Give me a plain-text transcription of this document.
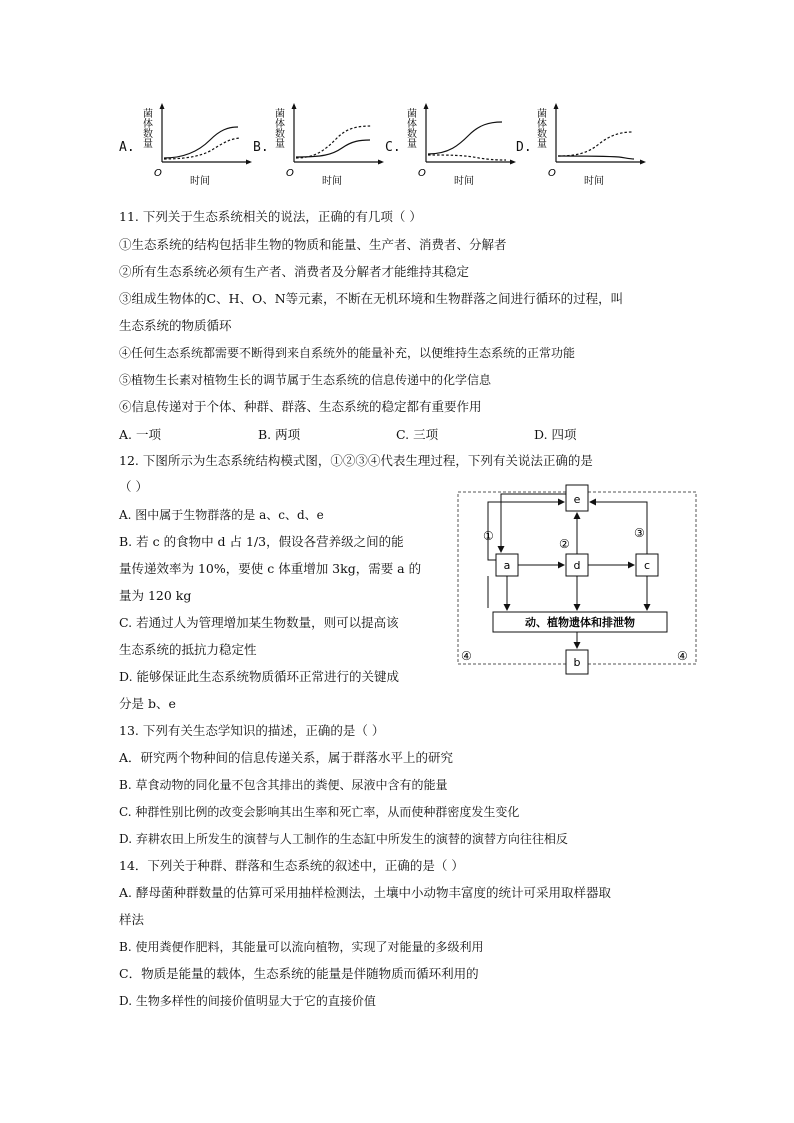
A. 菌体数量
O
时间
B. 菌体数量
O
时间
C. 菌体数量
O
时间
D. 菌体数量
O
时间
11. 下列关于生态系统相关的说法，正确的有几项（ ）
①生态系统的结构包括非生物的物质和能量、生产者、消费者、分解者
②所有生态系统必须有生产者、消费者及分解者才能维持其稳定
③组成生物体的C、H、O、N等元素，不断在无机环境和生物群落之间进行循环的过程，叫
生态系统的物质循环
④任何生态系统都需要不断得到来自系统外的能量补充，以便维持生态系统的正常功能
⑤植物生长素对植物生长的调节属于生态系统的信息传递中的化学信息
⑥信息传递对于个体、种群、群落、生态系统的稳定都有重要作用
A. 一项	B. 两项	C. 三项	D. 四项
12. 下图所示为生态系统结构模式图，①②③④代表生理过程，下列有关说法正确的是
（ ）
A. 图中属于生物群落的是 a、c、d、e
B. 若 c 的食物中 d 占 1/3，假设各营养级之间的能
量传递效率为 10%，要使 c 体重增加 3kg，需要 a 的
量为 120 kg
C. 若通过人为管理增加某生物数量，则可以提高该
生态系统的抵抗力稳定性
D. 能够保证此生态系统物质循环正常进行的关键成
分是 b、e
e
a	d	c
动、植物遗体和排泄物
b
①
②
③
④	④
13. 下列有关生态学知识的描述，正确的是（ ）
A．研究两个物种间的信息传递关系，属于群落水平上的研究
B. 草食动物的同化量不包含其排出的粪便、尿液中含有的能量
C. 种群性别比例的改变会影响其出生率和死亡率，从而使种群密度发生变化
D. 弃耕农田上所发生的演替与人工制作的生态缸中所发生的演替的演替方向往往相反
14．下列关于种群、群落和生态系统的叙述中，正确的是（ ）
A. 酵母菌种群数量的估算可采用抽样检测法，土壤中小动物丰富度的统计可采用取样器取
样法
B. 使用粪便作肥料，其能量可以流向植物，实现了对能量的多级利用
C．物质是能量的载体，生态系统的能量是伴随物质而循环利用的
D. 生物多样性的间接价值明显大于它的直接价值
